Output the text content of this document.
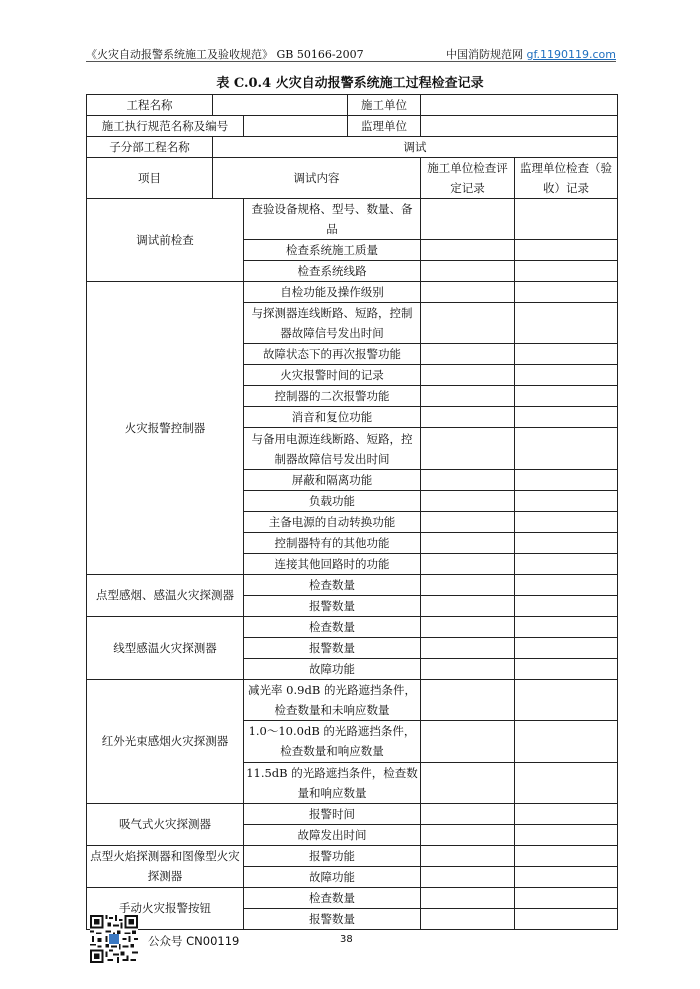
《火灾自动报警系统施工及验收规范》 GB 50166-2007	中国消防规范网 gf.1190119.com
表 C.0.4 火灾自动报警系统施工过程检查记录
工程名称			施工单位		
施工执行规范名称及编号			监理单位		
子分部工程名称	调试				
项目	调试内容			施工单位检查评定记录	监理单位检查（验收）记录
调试前检查		查验设备规格、型号、数量、备品			
		检查系统施工质量			
		检查系统线路			
火灾报警控制器		自检功能及操作级别			
		与探测器连线断路、短路，控制器故障信号发出时间			
		故障状态下的再次报警功能			
		火灾报警时间的记录			
		控制器的二次报警功能			
		消音和复位功能			
		与备用电源连线断路、短路，控制器故障信号发出时间			
		屏蔽和隔离功能			
		负载功能			
		主备电源的自动转换功能			
		控制器特有的其他功能			
		连接其他回路时的功能			
点型感烟、感温火灾探测器		检查数量			
		报警数量			
线型感温火灾探测器		检查数量			
		报警数量			
		故障功能			
红外光束感烟火灾探测器		减光率 0.9dB 的光路遮挡条件，检查数量和未响应数量			
		1.0～10.0dB 的光路遮挡条件，检查数量和响应数量			
		11.5dB 的光路遮挡条件，检查数量和响应数量			
吸气式火灾探测器		报警时间			
		故障发出时间			
点型火焰探测器和图像型火灾探测器		报警功能			
		故障功能			
手动火灾报警按钮		检查数量			
		报警数量			
公众号 CN00119	38
